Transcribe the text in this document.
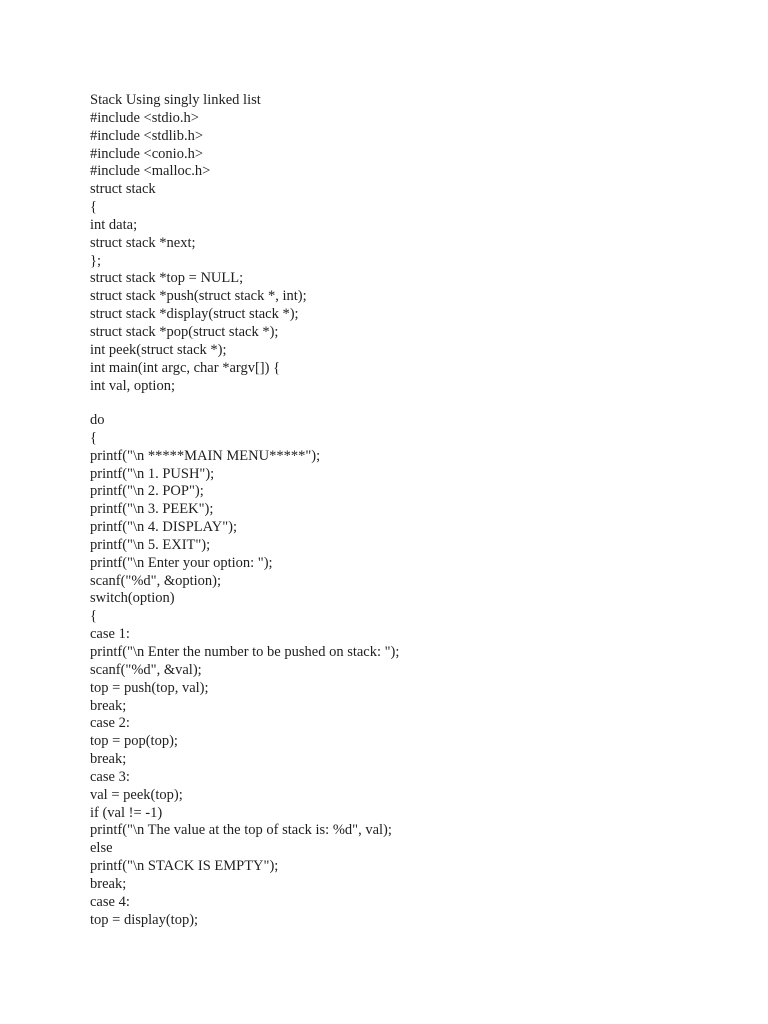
Stack Using singly linked list
#include <stdio.h>
#include <stdlib.h>
#include <conio.h>
#include <malloc.h>
struct stack
{
int data;
struct stack *next;
};
struct stack *top = NULL;
struct stack *push(struct stack *, int);
struct stack *display(struct stack *);
struct stack *pop(struct stack *);
int peek(struct stack *);
int main(int argc, char *argv[]) {
int val, option;
do
{
printf("\n *****MAIN MENU*****");
printf("\n 1. PUSH");
printf("\n 2. POP");
printf("\n 3. PEEK");
printf("\n 4. DISPLAY");
printf("\n 5. EXIT");
printf("\n Enter your option: ");
scanf("%d", &option);
switch(option)
{
case 1:
printf("\n Enter the number to be pushed on stack: ");
scanf("%d", &val);
top = push(top, val);
break;
case 2:
top = pop(top);
break;
case 3:
val = peek(top);
if (val != -1)
printf("\n The value at the top of stack is: %d", val);
else
printf("\n STACK IS EMPTY");
break;
case 4:
top = display(top);
